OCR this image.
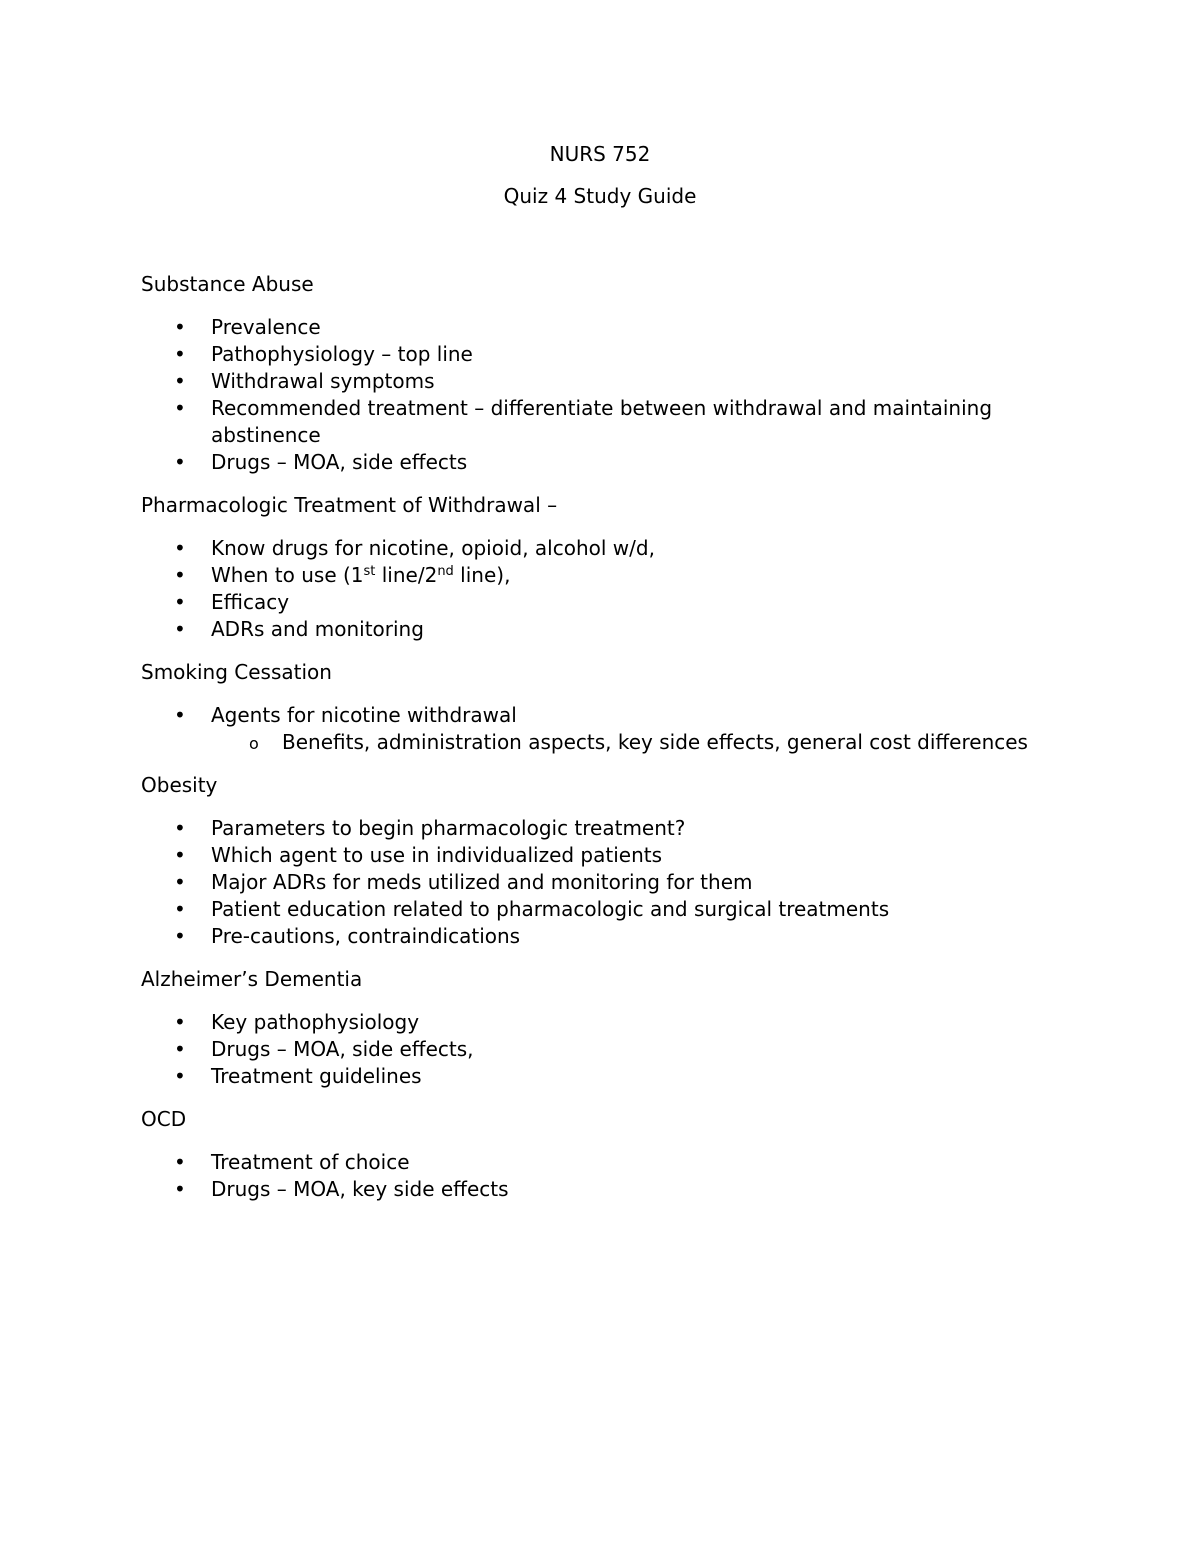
NURS 752
Quiz 4 Study Guide
Substance Abuse
• Prevalence
• Pathophysiology – top line
• Withdrawal symptoms
• Recommended treatment – differentiate between withdrawal and maintaining abstinence
• Drugs – MOA, side effects
Pharmacologic Treatment of Withdrawal –
• Know drugs for nicotine, opioid, alcohol w/d,
• When to use (1st line/2nd line),
• Efficacy
• ADRs and monitoring
Smoking Cessation
• Agents for nicotine withdrawal
o Benefits, administration aspects, key side effects, general cost differences
Obesity
• Parameters to begin pharmacologic treatment?
• Which agent to use in individualized patients
• Major ADRs for meds utilized and monitoring for them
• Patient education related to pharmacologic and surgical treatments
• Pre-cautions, contraindications
Alzheimer’s Dementia
• Key pathophysiology
• Drugs – MOA, side effects,
• Treatment guidelines
OCD
• Treatment of choice
• Drugs – MOA, key side effects
